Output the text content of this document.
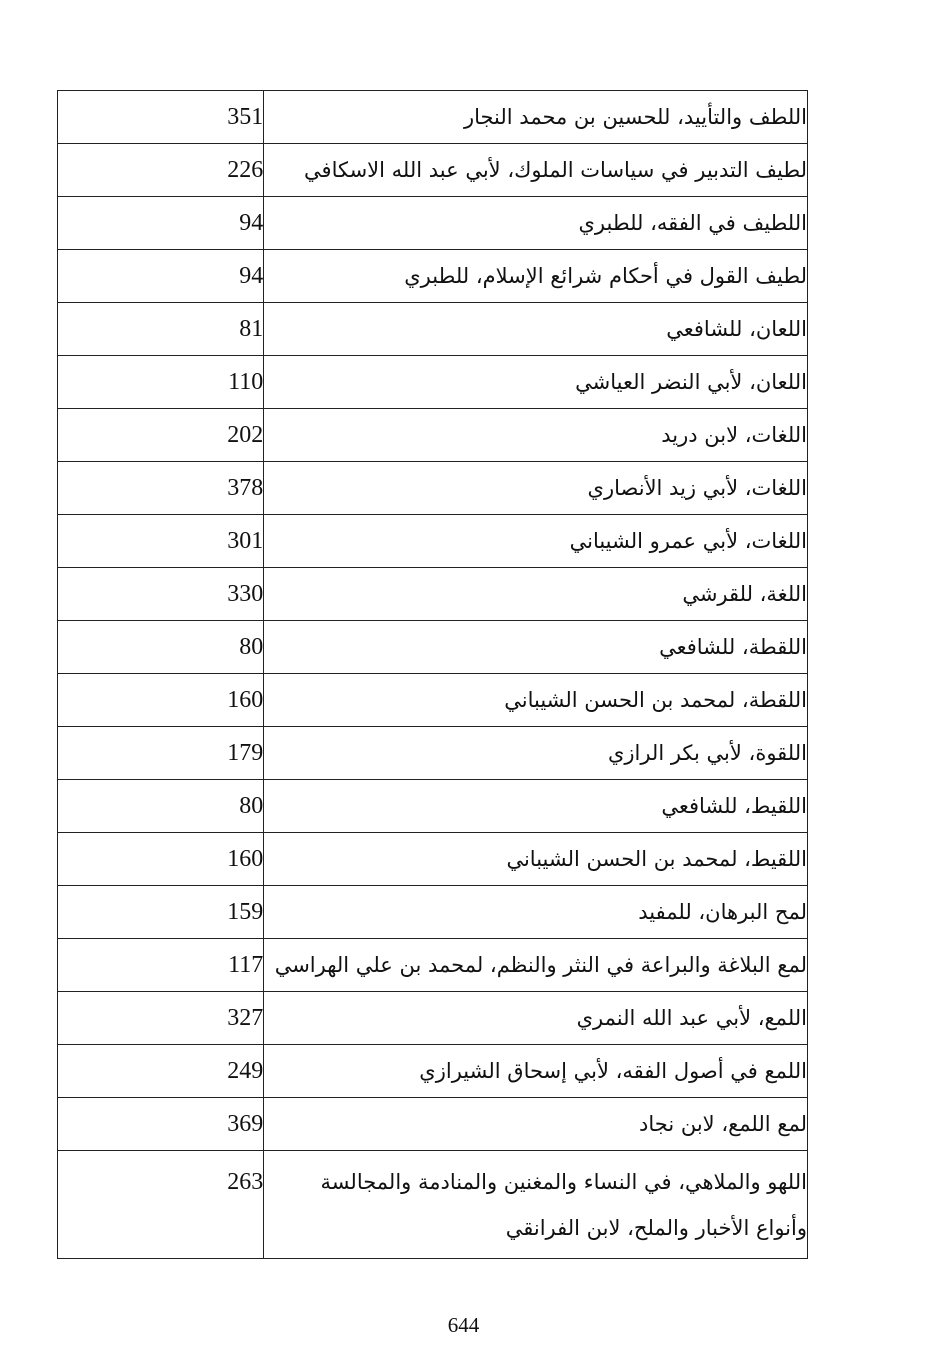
351	اللطف والتأييد، للحسين بن محمد النجار
226	لطيف التدبير في سياسات الملوك، لأبي عبد الله الاسكافي
94	اللطيف في الفقه، للطبري
94	لطيف القول في أحكام شرائع الإسلام، للطبري
81	اللعان، للشافعي
110	اللعان، لأبي النضر العياشي
202	اللغات، لابن دريد
378	اللغات، لأبي زيد الأنصاري
301	اللغات، لأبي عمرو الشيباني
330	اللغة، للقرشي
80	اللقطة، للشافعي
160	اللقطة، لمحمد بن الحسن الشيباني
179	اللقوة، لأبي بكر الرازي
80	اللقيط، للشافعي
160	اللقيط، لمحمد بن الحسن الشيباني
159	لمح البرهان، للمفيد
117	لمع البلاغة والبراعة في النثر والنظم، لمحمد بن علي الهراسي
327	اللمع، لأبي عبد الله النمري
249	اللمع في أصول الفقه، لأبي إسحاق الشيرازي
369	لمع اللمع، لابن نجاد
263	اللهو والملاهي، في النساء والمغنين والمنادمة والمجالسة وأنواع الأخبار والملح، لابن الفرانقي
644
